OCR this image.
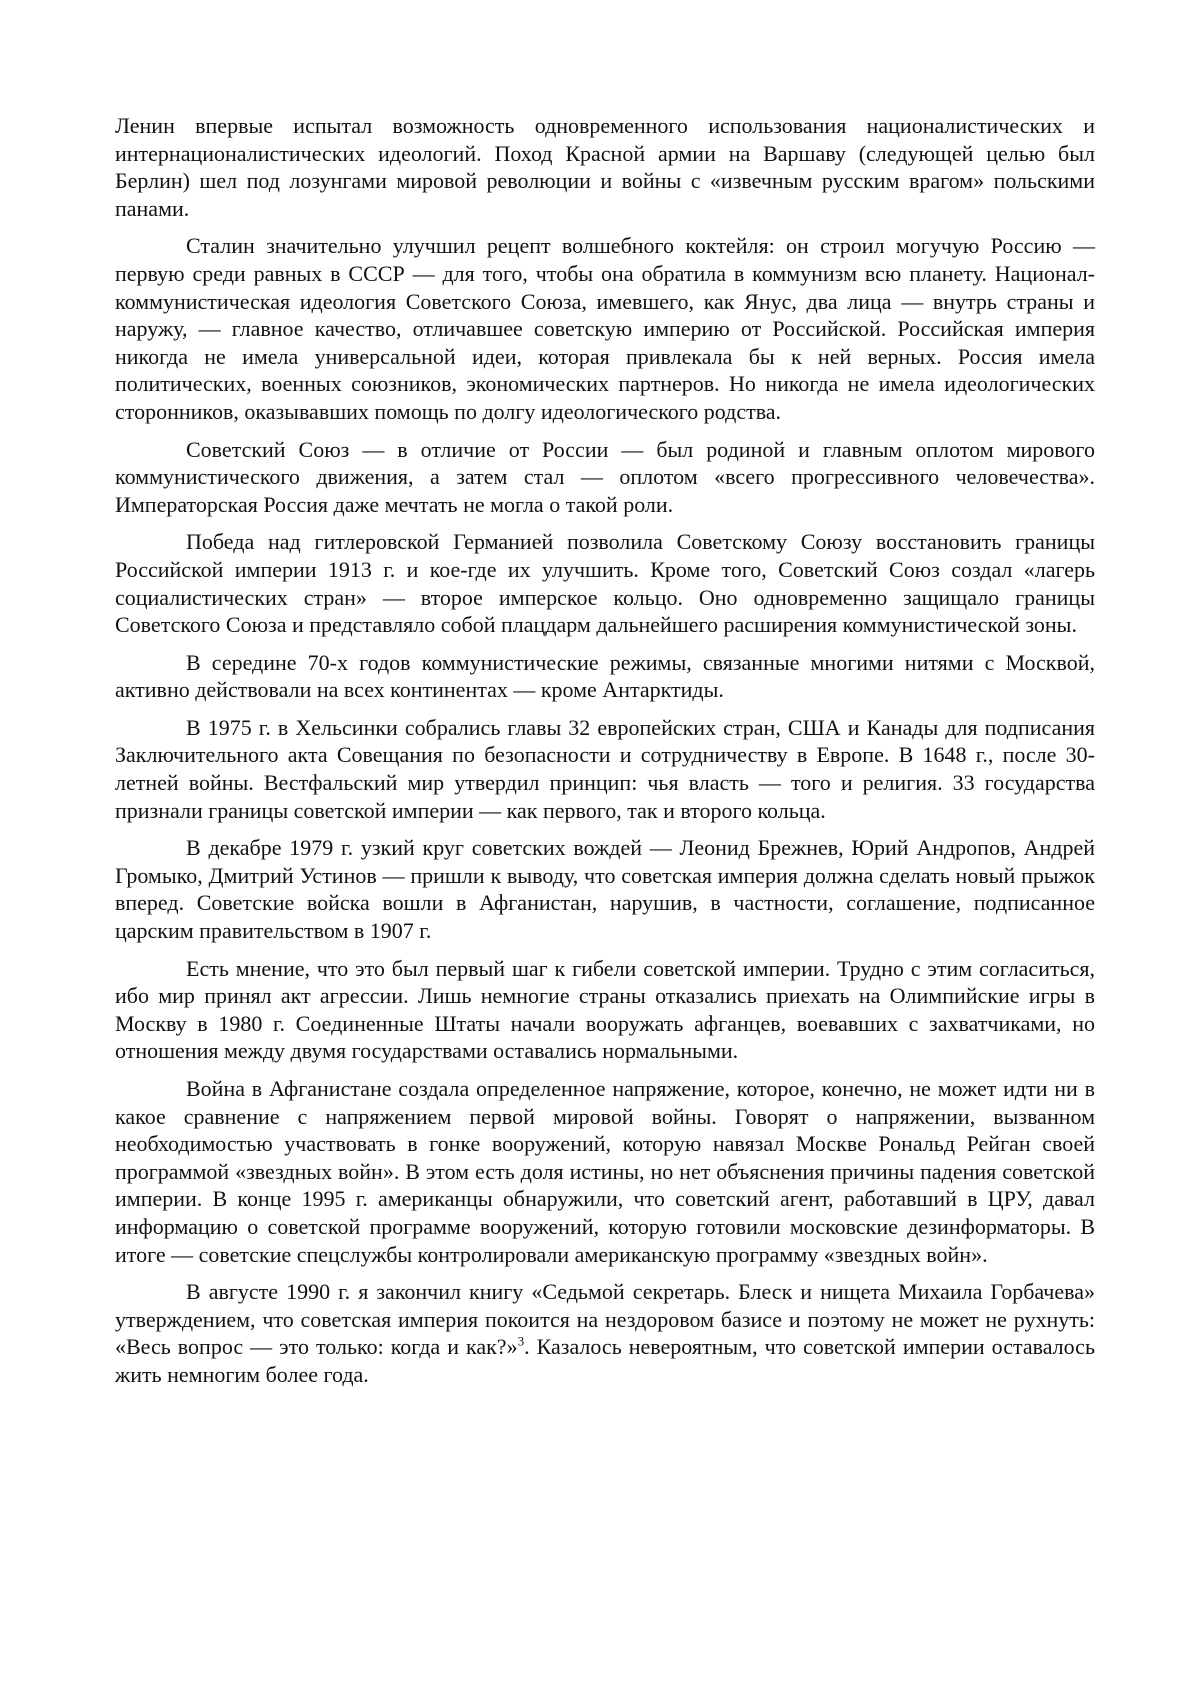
Ленин впервые испытал возможность одновременного использования националистических и интернационалистических идеологий. Поход Красной армии на Варшаву (следующей целью был Берлин) шел под лозунгами мировой революции и войны с «извечным русским врагом» польскими панами.

Сталин значительно улучшил рецепт волшебного коктейля: он строил могучую Россию — первую среди равных в СССР — для того, чтобы она обратила в коммунизм всю планету. Национал-коммунистическая идеология Советского Союза, имевшего, как Янус, два лица — внутрь страны и наружу, — главное качество, отличавшее советскую империю от Российской. Российская империя никогда не имела универсальной идеи, которая привлекала бы к ней верных. Россия имела политических, военных союзников, экономических партнеров. Но никогда не имела идеологических сторонников, оказывавших помощь по долгу идеологического родства.

Советский Союз — в отличие от России — был родиной и главным оплотом мирового коммунистического движения, а затем стал — оплотом «всего прогрессивного человечества». Императорская Россия даже мечтать не могла о такой роли.

Победа над гитлеровской Германией позволила Советскому Союзу восстановить границы Российской империи 1913 г. и кое-где их улучшить. Кроме того, Советский Союз создал «лагерь социалистических стран» — второе имперское кольцо. Оно одновременно защищало границы Советского Союза и представляло собой плацдарм дальнейшего расширения коммунистической зоны.

В середине 70-х годов коммунистические режимы, связанные многими нитями с Москвой, активно действовали на всех континентах — кроме Антарктиды.

В 1975 г. в Хельсинки собрались главы 32 европейских стран, США и Канады для подписания Заключительного акта Совещания по безопасности и сотрудничеству в Европе. В 1648 г., после 30-летней войны. Вестфальский мир утвердил принцип: чья власть — того и религия. 33 государства признали границы советской империи — как первого, так и второго кольца.

В декабре 1979 г. узкий круг советских вождей — Леонид Брежнев, Юрий Андропов, Андрей Громыко, Дмитрий Устинов — пришли к выводу, что советская империя должна сделать новый прыжок вперед. Советские войска вошли в Афганистан, нарушив, в частности, соглашение, подписанное царским правительством в 1907 г.

Есть мнение, что это был первый шаг к гибели советской империи. Трудно с этим согласиться, ибо мир принял акт агрессии. Лишь немногие страны отказались приехать на Олимпийские игры в Москву в 1980 г. Соединенные Штаты начали вооружать афганцев, воевавших с захватчиками, но отношения между двумя государствами оставались нормальными.

Война в Афганистане создала определенное напряжение, которое, конечно, не может идти ни в какое сравнение с напряжением первой мировой войны. Говорят о напряжении, вызванном необходимостью участвовать в гонке вооружений, которую навязал Москве Рональд Рейган своей программой «звездных войн». В этом есть доля истины, но нет объяснения причины падения советской империи. В конце 1995 г. американцы обнаружили, что советский агент, работавший в ЦРУ, давал информацию о советской программе вооружений, которую готовили московские дезинформаторы. В итоге — советские спецслужбы контролировали американскую программу «звездных войн».

В августе 1990 г. я закончил книгу «Седьмой секретарь. Блеск и нищета Михаила Горбачева» утверждением, что советская империя покоится на нездоровом базисе и поэтому не может не рухнуть: «Весь вопрос — это только: когда и как?»$^3$. Казалось невероятным, что советской империи оставалось жить немногим более года.
